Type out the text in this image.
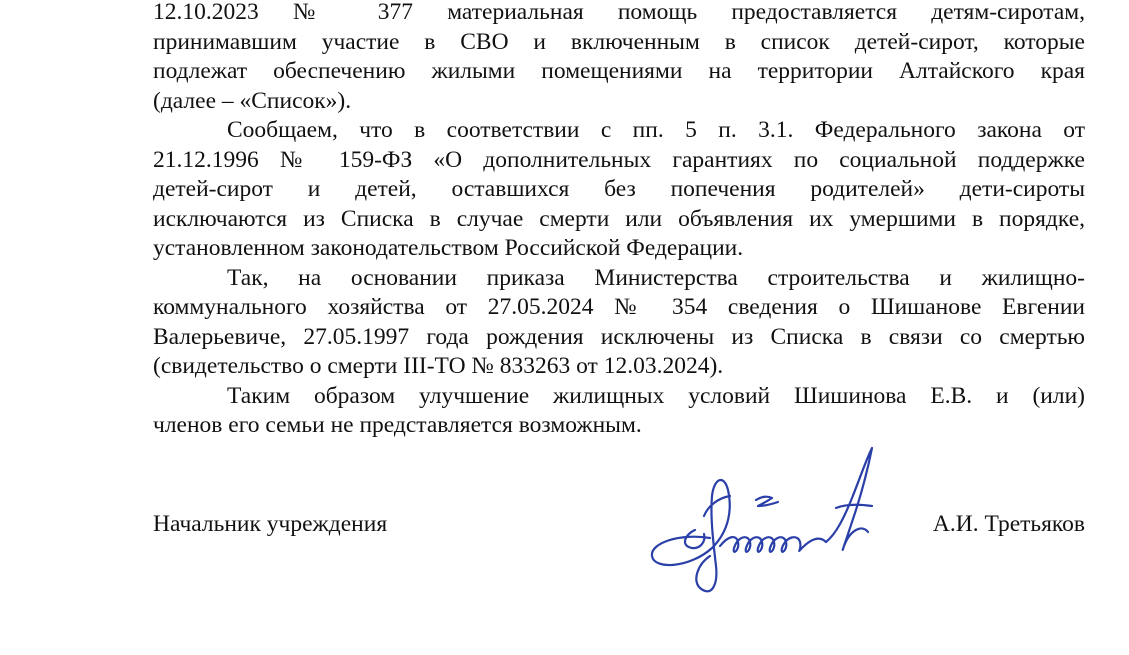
12.10.2023 № 377 материальная помощь предоставляется детям-сиротам,
принимавшим участие в СВО и включенным в список детей-сирот, которые
подлежат обеспечению жилыми помещениями на территории Алтайского края
(далее – «Список»).
Сообщаем, что в соответствии с пп. 5 п. 3.1. Федерального закона от
21.12.1996 № 159-ФЗ «О дополнительных гарантиях по социальной поддержке
детей-сирот и детей, оставшихся без попечения родителей» дети-сироты
исключаются из Списка в случае смерти или объявления их умершими в порядке,
установленном законодательством Российской Федерации.
Так, на основании приказа Министерства строительства и жилищно-
коммунального хозяйства от 27.05.2024 № 354 сведения о Шишанове Евгении
Валерьевиче, 27.05.1997 года рождения исключены из Списка в связи со смертью
(свидетельство о смерти III-ТО № 833263 от 12.03.2024).
Таким образом улучшение жилищных условий Шишинова Е.В. и (или)
членов его семьи не представляется возможным.
Начальник учреждения	А.И. Третьяков
